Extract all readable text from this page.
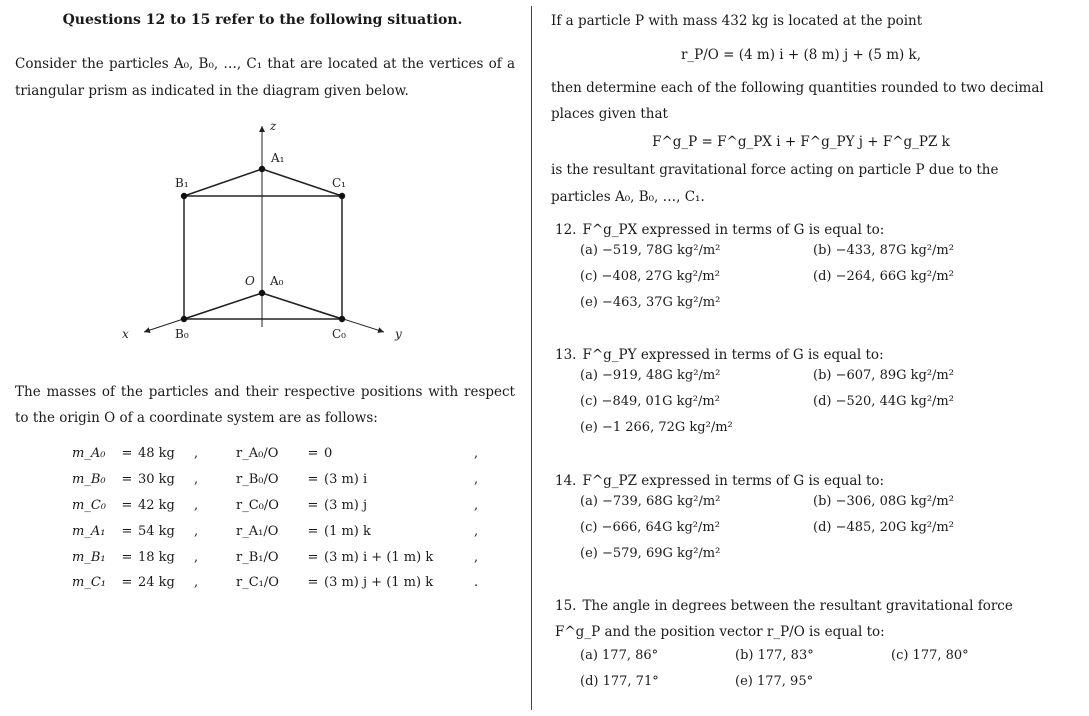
Questions 12 to 15 refer to the following situation.
Consider the particles A₀, B₀, …, C₁ that are located at the vertices of a triangular prism as indicated in the diagram given below.
z
x	y
O
A₁
B₁	C₁
A₀
B₀	C₀
The masses of the particles and their respective positions with respect to the origin O of a coordinate system are as follows:
m_A₀	=	48 kg	,	r_A₀/O	=	0	,
m_B₀	=	30 kg	,	r_B₀/O	=	(3 m) i	,
m_C₀	=	42 kg	,	r_C₀/O	=	(3 m) j	,
m_A₁	=	54 kg	,	r_A₁/O	=	(1 m) k	,
m_B₁	=	18 kg	,	r_B₁/O	=	(3 m) i + (1 m) k	,
m_C₁	=	24 kg	,	r_C₁/O	=	(3 m) j + (1 m) k	.
If a particle P with mass 432 kg is located at the point
r_P/O = (4 m) i + (8 m) j + (5 m) k,
then determine each of the following quantities rounded to two decimal places given that
F^g_P = F^g_PX i + F^g_PY j + F^g_PZ k
is the resultant gravitational force acting on particle P due to the particles A₀, B₀, …, C₁.
12. F^g_PX expressed in terms of G is equal to:
(a) −519, 78G kg²/m²	(b) −433, 87G kg²/m²
(c) −408, 27G kg²/m²	(d) −264, 66G kg²/m²
(e) −463, 37G kg²/m²
13. F^g_PY expressed in terms of G is equal to:
(a) −919, 48G kg²/m²	(b) −607, 89G kg²/m²
(c) −849, 01G kg²/m²	(d) −520, 44G kg²/m²
(e) −1 266, 72G kg²/m²
14. F^g_PZ expressed in terms of G is equal to:
(a) −739, 68G kg²/m²	(b) −306, 08G kg²/m²
(c) −666, 64G kg²/m²	(d) −485, 20G kg²/m²
(e) −579, 69G kg²/m²
15. The angle in degrees between the resultant gravitational force F^g_P and the position vector r_P/O is equal to:
(a) 177, 86°	(b) 177, 83°	(c) 177, 80°
(d) 177, 71°	(e) 177, 95°
